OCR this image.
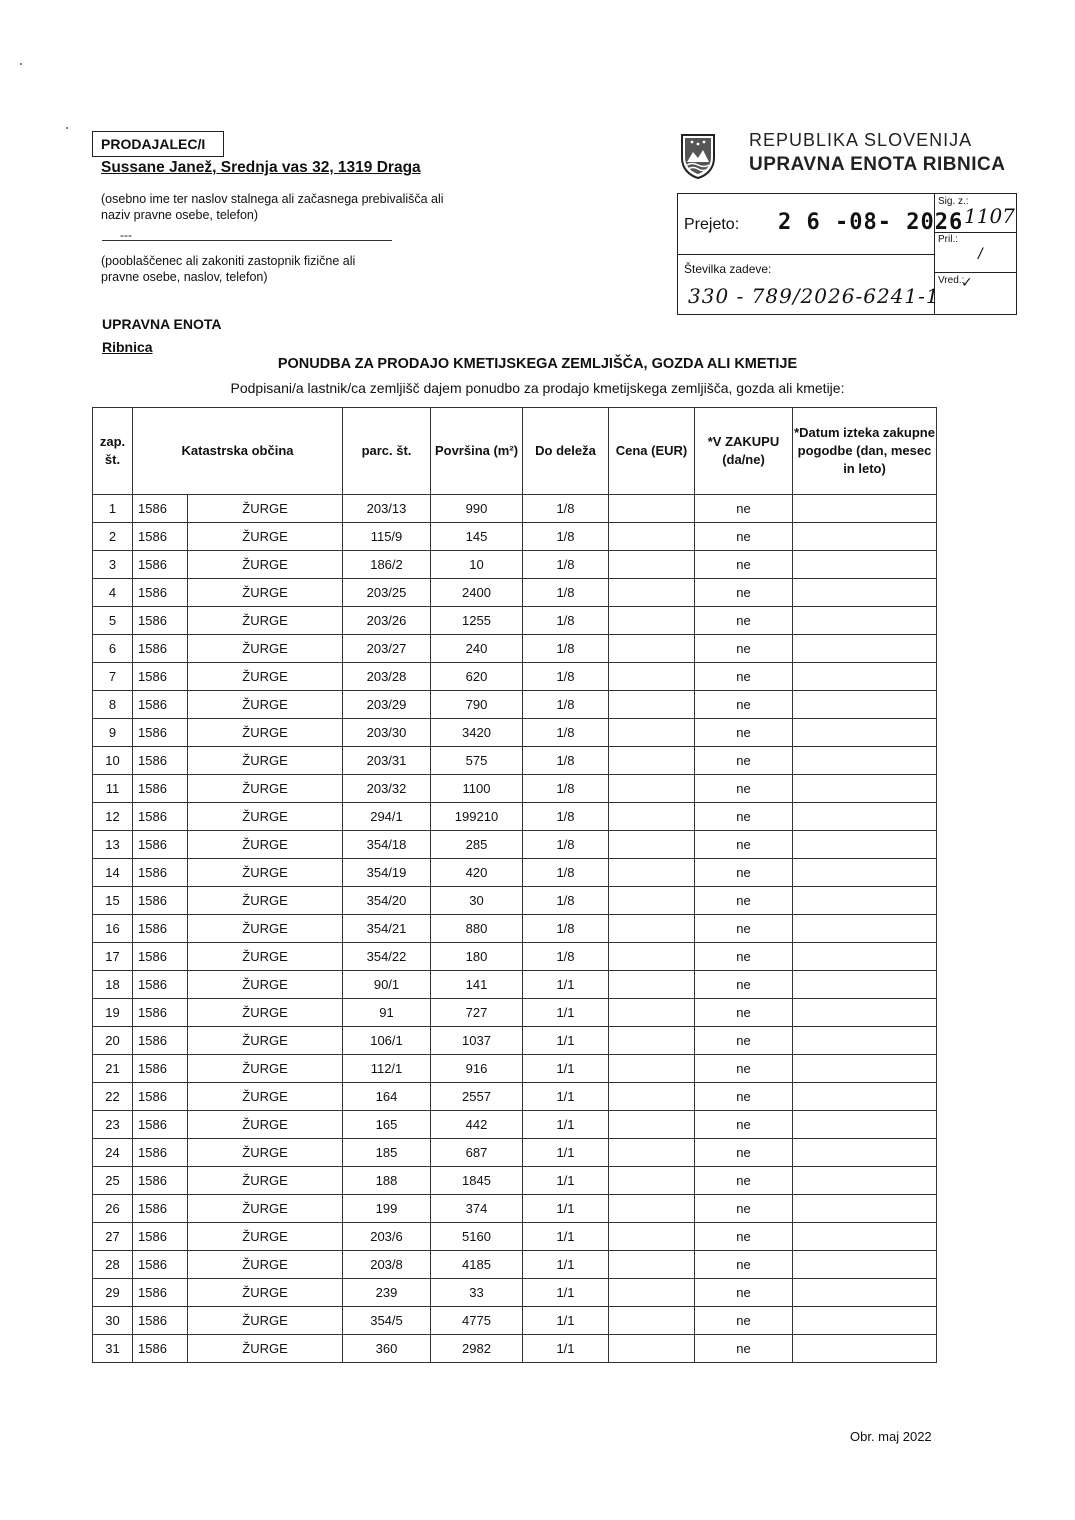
PRODAJALEC/I
Sussane Janež, Srednja vas 32, 1319 Draga
(osebno ime ter naslov stalnega ali začasnega prebivališča ali
naziv pravne osebe, telefon)
---
(pooblaščenec ali zakoniti zastopnik fizične ali
pravne osebe, naslov, telefon)
UPRAVNA ENOTA
Ribnica
REPUBLIKA SLOVENIJA
UPRAVNA ENOTA RIBNICA
Prejeto: 2 6 -08- 2026
Številka zadeve:
330 - 789/2026-6241-1
Sig. z.:
1107
Pril.:
/
Vred.:
✓
PONUDBA ZA PRODAJO KMETIJSKEGA ZEMLJIŠČA, GOZDA ALI KMETIJE
Podpisani/a lastnik/ca zemljišč dajem ponudbo za prodajo kmetijskega zemljišča, gozda ali kmetije:
zap. št.	Katastrska občina		parc. št.	Površina (m²)	Do deleža	Cena (EUR)	*V ZAKUPU (da/ne)	*Datum izteka zakupne pogodbe (dan, mesec in leto)
1	1586	ŽURGE	203/13	990	1/8		ne	
2	1586	ŽURGE	115/9	145	1/8		ne	
3	1586	ŽURGE	186/2	10	1/8		ne	
4	1586	ŽURGE	203/25	2400	1/8		ne	
5	1586	ŽURGE	203/26	1255	1/8		ne	
6	1586	ŽURGE	203/27	240	1/8		ne	
7	1586	ŽURGE	203/28	620	1/8		ne	
8	1586	ŽURGE	203/29	790	1/8		ne	
9	1586	ŽURGE	203/30	3420	1/8		ne	
10	1586	ŽURGE	203/31	575	1/8		ne	
11	1586	ŽURGE	203/32	1100	1/8		ne	
12	1586	ŽURGE	294/1	199210	1/8		ne	
13	1586	ŽURGE	354/18	285	1/8		ne	
14	1586	ŽURGE	354/19	420	1/8		ne	
15	1586	ŽURGE	354/20	30	1/8		ne	
16	1586	ŽURGE	354/21	880	1/8		ne	
17	1586	ŽURGE	354/22	180	1/8		ne	
18	1586	ŽURGE	90/1	141	1/1		ne	
19	1586	ŽURGE	91	727	1/1		ne	
20	1586	ŽURGE	106/1	1037	1/1		ne	
21	1586	ŽURGE	112/1	916	1/1		ne	
22	1586	ŽURGE	164	2557	1/1		ne	
23	1586	ŽURGE	165	442	1/1		ne	
24	1586	ŽURGE	185	687	1/1		ne	
25	1586	ŽURGE	188	1845	1/1		ne	
26	1586	ŽURGE	199	374	1/1		ne	
27	1586	ŽURGE	203/6	5160	1/1		ne	
28	1586	ŽURGE	203/8	4185	1/1		ne	
29	1586	ŽURGE	239	33	1/1		ne	
30	1586	ŽURGE	354/5	4775	1/1		ne	
31	1586	ŽURGE	360	2982	1/1		ne	
Obr. maj 2022
